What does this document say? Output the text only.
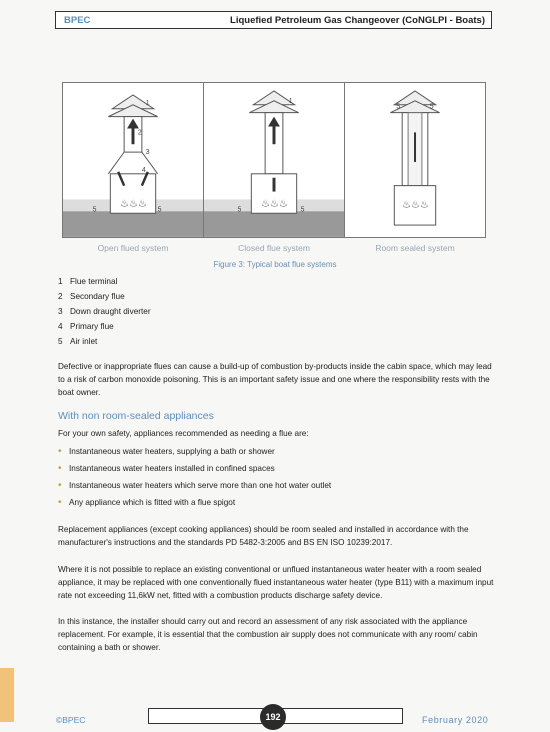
BPEC	Liquefied Petroleum Gas Changeover (CoNGLPI - Boats)
♨♨♨
1
2
3
4
5	5
Open flued system
♨♨♨
1
5	5
Closed flue system
♨♨♨
5	5
Room sealed system
Figure 3: Typical boat flue systems
1 Flue terminal
2 Secondary flue
3 Down draught diverter
4 Primary flue
5 Air inlet
Defective or inappropriate flues can cause a build-up of combustion by-products inside the cabin space, which may lead to a risk of carbon monoxide poisoning. This is an important safety issue and one where the responsibility rests with the boat owner.
With non room-sealed appliances
For your own safety, appliances recommended as needing a flue are:
• Instantaneous water heaters, supplying a bath or shower
• Instantaneous water heaters installed in confined spaces
• Instantaneous water heaters which serve more than one hot water outlet
• Any appliance which is fitted with a flue spigot
Replacement appliances (except cooking appliances) should be room sealed and installed in accordance with the manufacturer's instructions and the standards PD 5482-3:2005 and BS EN ISO 10239:2017.
Where it is not possible to replace an existing conventional or unflued instantaneous water heater with a room sealed appliance, it may be replaced with one conventionally flued instantaneous water heater (type B11) with a maximum input rate not exceeding 11,6kW net, fitted with a combustion products discharge safety device.
In this instance, the installer should carry out and record an assessment of any risk associated with the appliance replacement. For example, it is essential that the combustion air supply does not communicate with any room/ cabin containing a bath or shower.
©BPEC	192	February 2020
